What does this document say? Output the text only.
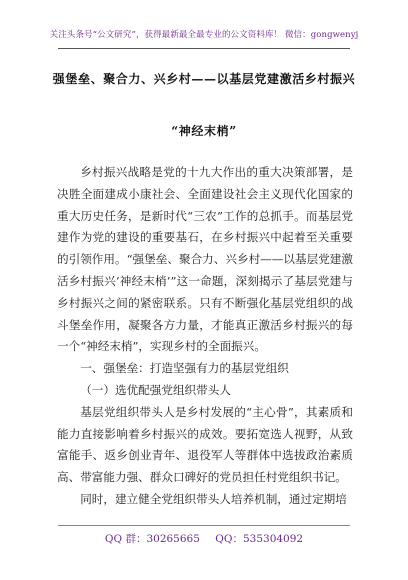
关注头条号“公文研究”，获得最新最全最专业的公文资料库！ 微信：gongwenyj
强堡垒、聚合力、兴乡村——以基层党建激活乡村振兴
“神经末梢”

乡村振兴战略是党的十九大作出的重大决策部署，是决胜全面建成小康社会、全面建设社会主义现代化国家的重大历史任务，是新时代“三农”工作的总抓手。而基层党建作为党的建设的重要基石，在乡村振兴中起着至关重要的引领作用。“强堡垒、聚合力、兴乡村——以基层党建激活乡村振兴‘神经末梢’”这一命题，深刻揭示了基层党建与乡村振兴之间的紧密联系。只有不断强化基层党组织的战斗堡垒作用，凝聚各方力量，才能真正激活乡村振兴的每一个“神经末梢”，实现乡村的全面振兴。

一、强堡垒：打造坚强有力的基层党组织

（一）选优配强党组织带头人

基层党组织带头人是乡村发展的“主心骨”，其素质和能力直接影响着乡村振兴的成效。要拓宽选人视野，从致富能手、返乡创业青年、退役军人等群体中选拔政治素质高、带富能力强、群众口碑好的党员担任村党组织书记。

同时，建立健全党组织带头人培养机制，通过定期培

QQ 群：30265665 QQ：535304092
